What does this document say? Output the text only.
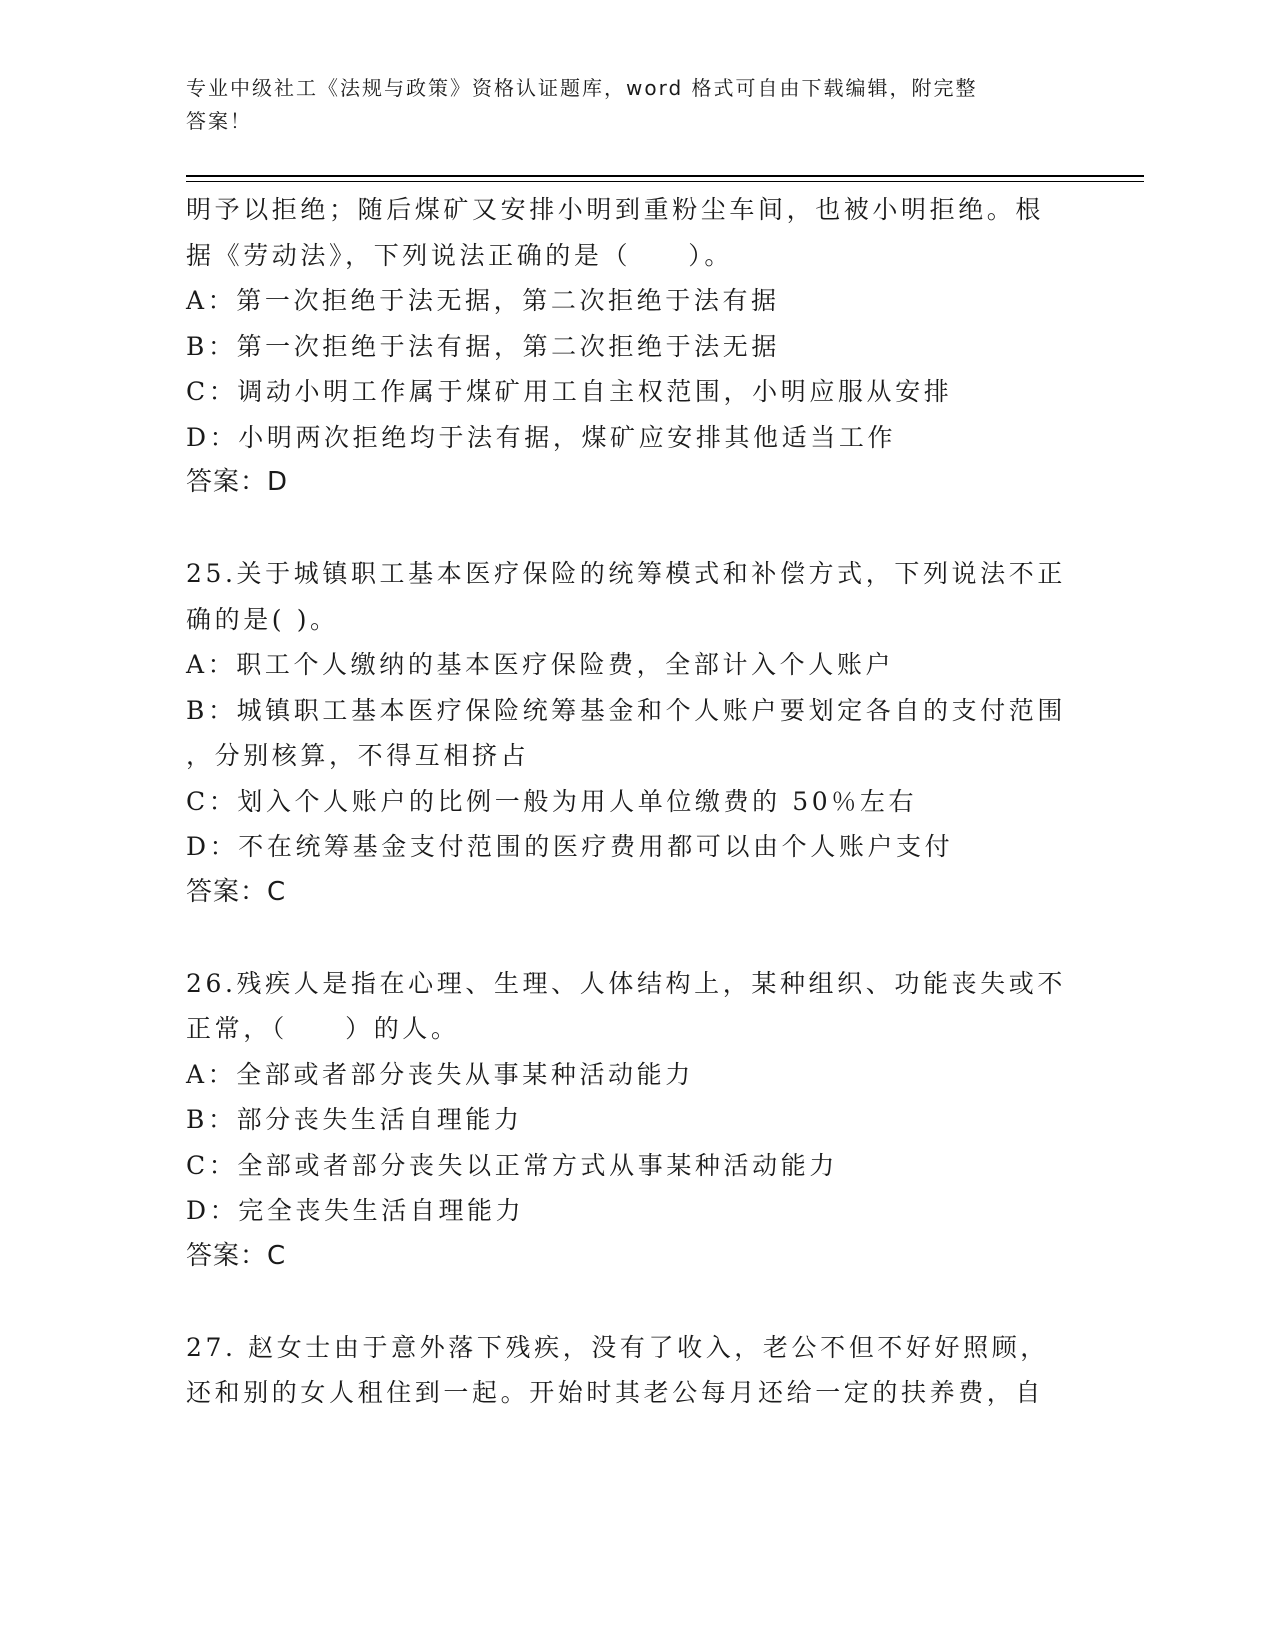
专业中级社工《法规与政策》资格认证题库，word 格式可自由下载编辑，附完整
答案！
明予以拒绝；随后煤矿又安排小明到重粉尘车间，也被小明拒绝。根
据《劳动法》，下列说法正确的是（　　）。
A：第一次拒绝于法无据，第二次拒绝于法有据
B：第一次拒绝于法有据，第二次拒绝于法无据
C：调动小明工作属于煤矿用工自主权范围，小明应服从安排
D：小明两次拒绝均于法有据，煤矿应安排其他适当工作
答案：D
25.关于城镇职工基本医疗保险的统筹模式和补偿方式，下列说法不正
确的是( )。
A：职工个人缴纳的基本医疗保险费，全部计入个人账户
B：城镇职工基本医疗保险统筹基金和个人账户要划定各自的支付范围
，分别核算，不得互相挤占
C：划入个人账户的比例一般为用人单位缴费的 50％左右
D：不在统筹基金支付范围的医疗费用都可以由个人账户支付
答案：C
26.残疾人是指在心理、生理、人体结构上，某种组织、功能丧失或不
正常，（　　）的人。
A：全部或者部分丧失从事某种活动能力
B：部分丧失生活自理能力
C：全部或者部分丧失以正常方式从事某种活动能力
D：完全丧失生活自理能力
答案：C
27. 赵女士由于意外落下残疾，没有了收入，老公不但不好好照顾，
还和别的女人租住到一起。开始时其老公每月还给一定的扶养费，自
